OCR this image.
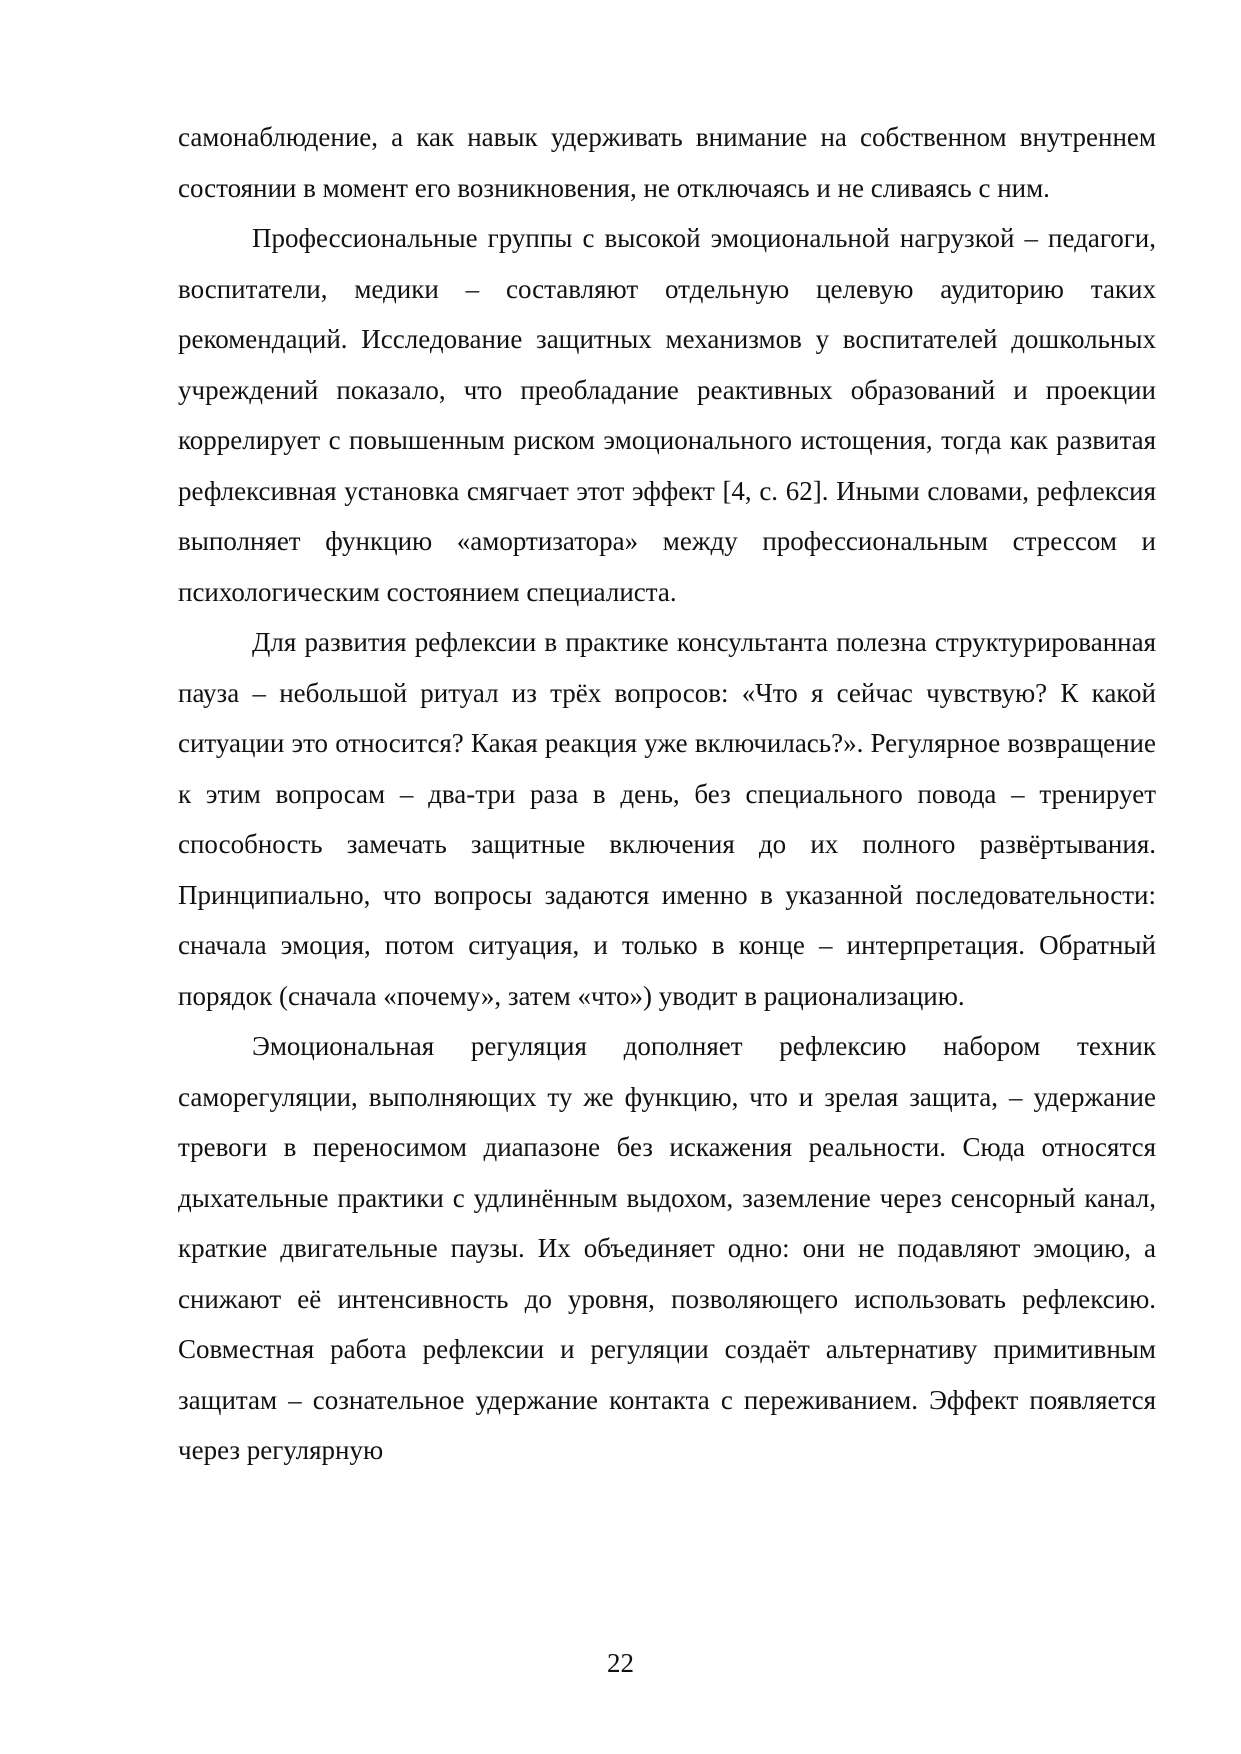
самонаблюдение, а как навык удерживать внимание на собственном внутреннем состоянии в момент его возникновения, не отключаясь и не сливаясь с ним.

Профессиональные группы с высокой эмоциональной нагрузкой – педагоги, воспитатели, медики – составляют отдельную целевую аудиторию таких рекомендаций. Исследование защитных механизмов у воспитателей дошкольных учреждений показало, что преобладание реактивных образований и проекции коррелирует с повышенным риском эмоционального истощения, тогда как развитая рефлексивная установка смягчает этот эффект [4, с. 62]. Иными словами, рефлексия выполняет функцию «амортизатора» между профессиональным стрессом и психологическим состоянием специалиста.

Для развития рефлексии в практике консультанта полезна структурированная пауза – небольшой ритуал из трёх вопросов: «Что я сейчас чувствую? К какой ситуации это относится? Какая реакция уже включилась?». Регулярное возвращение к этим вопросам – два-три раза в день, без специального повода – тренирует способность замечать защитные включения до их полного развёртывания. Принципиально, что вопросы задаются именно в указанной последовательности: сначала эмоция, потом ситуация, и только в конце – интерпретация. Обратный порядок (сначала «почему», затем «что») уводит в рационализацию.

Эмоциональная регуляция дополняет рефлексию набором техник саморегуляции, выполняющих ту же функцию, что и зрелая защита, – удержание тревоги в переносимом диапазоне без искажения реальности. Сюда относятся дыхательные практики с удлинённым выдохом, заземление через сенсорный канал, краткие двигательные паузы. Их объединяет одно: они не подавляют эмоцию, а снижают её интенсивность до уровня, позволяющего использовать рефлексию. Совместная работа рефлексии и регуляции создаёт альтернативу примитивным защитам – сознательное удержание контакта с переживанием. Эффект появляется через регулярную

22
